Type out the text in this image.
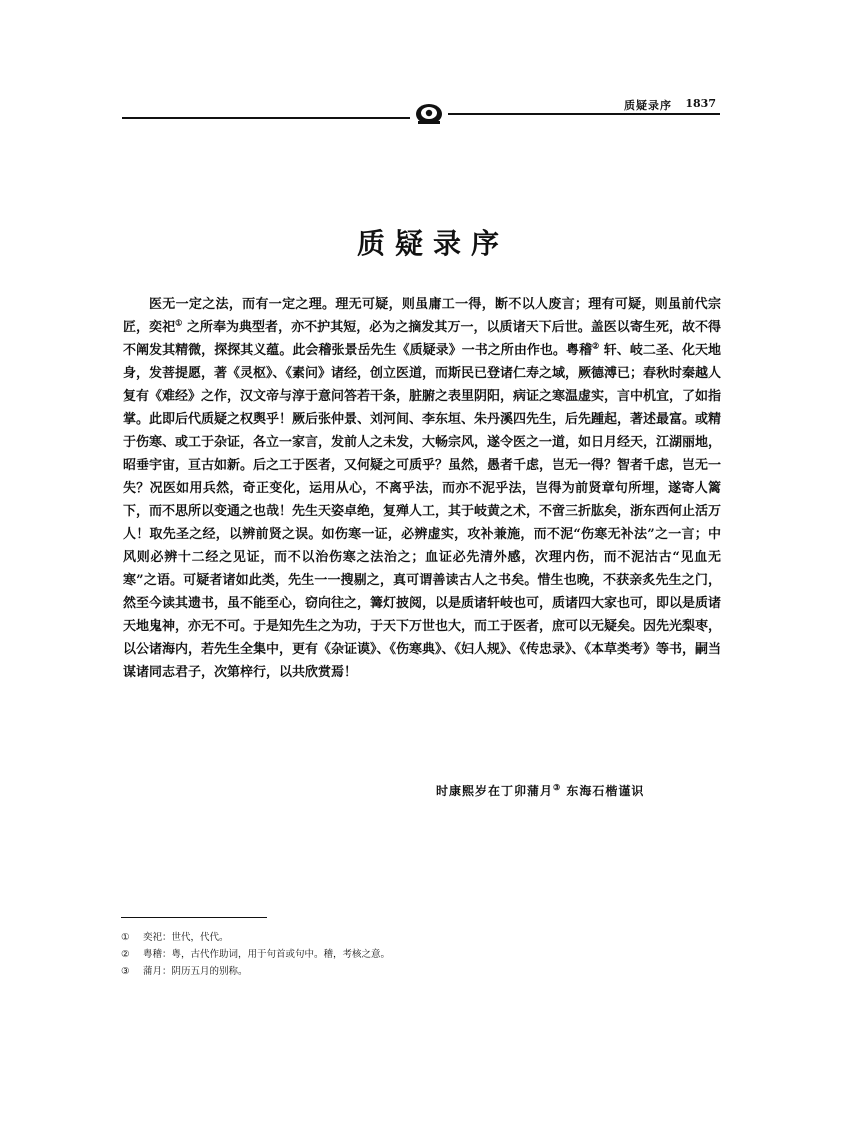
质疑录序 1837
质疑录序

医无一定之法，而有一定之理。理无可疑，则虽庸工一得，断不以人废言；理有可疑，则虽前代宗匠，奕祀① 之所奉为典型者，亦不护其短，必为之摘发其万一，以质诸天下后世。盖医以寄生死，故不得不阐发其精微，探探其义蕴。此会稽张景岳先生《质疑录》一书之所由作也。粤稽② 轩、岐二圣、化天地身，发菩提愿，著《灵枢》、《素问》诸经，创立医道，而斯民已登诸仁寿之域，厥德溥已；春秋时秦越人复有《难经》之作，汉文帝与淳于意问答若干条，脏腑之表里阴阳，病证之寒温虚实，言中机宜，了如指掌。此即后代质疑之权舆乎！厥后张仲景、刘河间、李东垣、朱丹溪四先生，后先踵起，著述最富。或精于伤寒、或工于杂证，各立一家言，发前人之未发，大畅宗风，遂令医之一道，如日月经天，江湖丽地，昭垂宇宙，亘古如新。后之工于医者，又何疑之可质乎？虽然，愚者千虑，岂无一得？智者千虑，岂无一失？况医如用兵然，奇正变化，运用从心，不离乎法，而亦不泥乎法，岂得为前贤章句所埋，遂寄人篱下，而不思所以变通之也哉！先生天姿卓绝，复殚人工，其于岐黄之术，不啻三折肱矣，浙东西何止活万人！取先圣之经，以辨前贤之误。如伤寒一证，必辨虚实，攻补兼施，而不泥“伤寒无补法”之一言；中风则必辨十二经之见证，而不以治伤寒之法治之；血证必先清外感，次理内伤，而不泥沽古“见血无寒”之语。可疑者诸如此类，先生一一搜剔之，真可谓善读古人之书矣。惜生也晚，不获亲炙先生之门，然至今读其遗书，虽不能至心，窃向往之，篝灯披阅，以是质诸轩岐也可，质诸四大家也可，即以是质诸天地鬼神，亦无不可。于是知先生之为功，于天下万世也大，而工于医者，庶可以无疑矣。因先光梨枣，以公诸海内，若先生全集中，更有《杂证谟》、《伤寒典》、《妇人规》、《传忠录》、《本草类考》等书，嗣当谋诸同志君子，次第梓行，以共欣赏焉！

时康熙岁在丁卯蒲月③ 东海石楷谨识
① 奕祀：世代，代代。
② 粤稽：粤，古代作助词，用于句首或句中。稽，考核之意。
③ 蒲月：阴历五月的别称。
